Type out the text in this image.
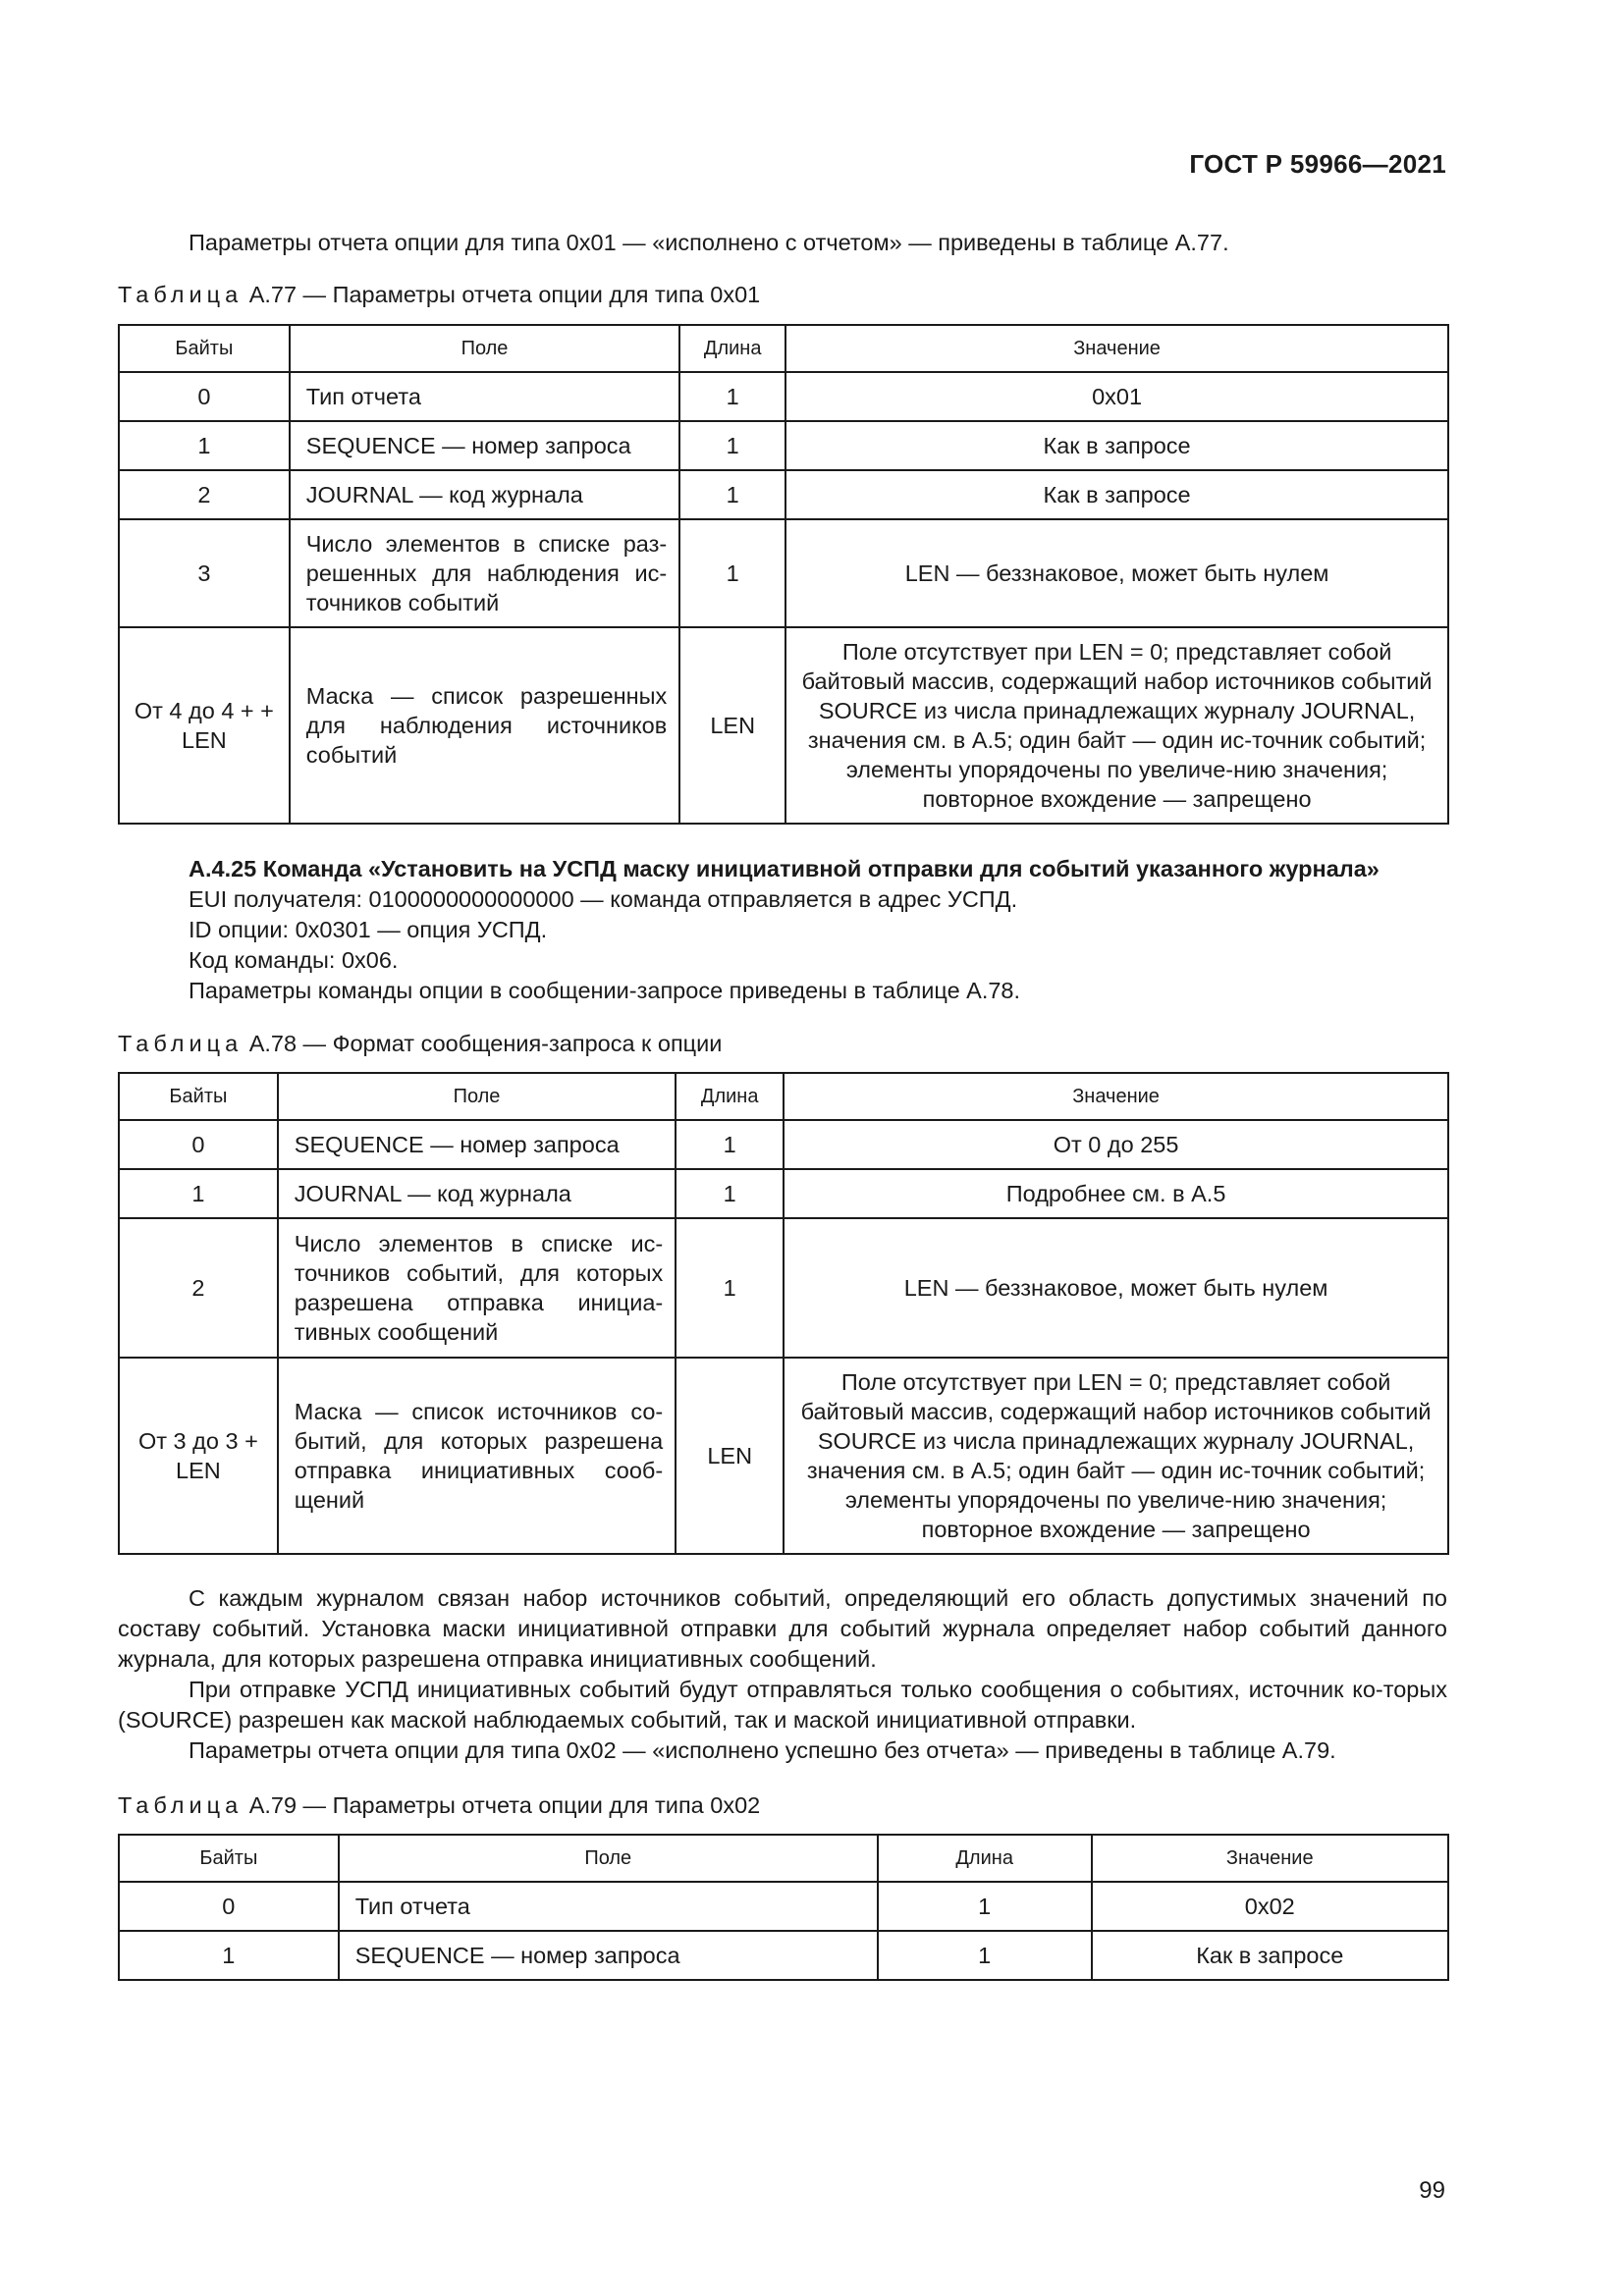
ГОСТ Р 59966—2021
Параметры отчета опции для типа 0x01 — «исполнено с отчетом» — приведены в таблице А.77.
Таблица А.77 — Параметры отчета опции для типа 0x01
Байты	Поле	Длина	Значение
0	Тип отчета	1	0x01
1	SEQUENCE — номер запроса	1	Как в запросе
2	JOURNAL — код журнала	1	Как в запросе
3	Число элементов в списке раз-решенных для наблюдения ис-точников событий	1	LEN — беззнаковое, может быть нулем
От 4 до 4 + + LEN	Маска — список разрешенных для наблюдения источников событий	LEN	Поле отсутствует при LEN = 0; представляет собой байтовый массив, содержащий набор источников событий SOURCE из числа принадлежащих журналу JOURNAL, значения см. в А.5; один байт — один ис-точник событий; элементы упорядочены по увеличе-нию значения; повторное вхождение — запрещено
А.4.25 Команда «Установить на УСПД маску инициативной отправки для событий указанного журнала»
EUI получателя: 0100000000000000 — команда отправляется в адрес УСПД.
ID опции: 0x0301 — опция УСПД.
Код команды: 0x06.
Параметры команды опции в сообщении-запросе приведены в таблице А.78.
Таблица А.78 — Формат сообщения-запроса к опции
Байты	Поле	Длина	Значение
0	SEQUENCE — номер запроса	1	От 0 до 255
1	JOURNAL — код журнала	1	Подробнее см. в А.5
2	Число элементов в списке ис-точников событий, для которых разрешена отправка инициа-тивных сообщений	1	LEN — беззнаковое, может быть нулем
От 3 до 3 + LEN	Маска — список источников со-бытий, для которых разрешена отправка инициативных сооб-щений	LEN	Поле отсутствует при LEN = 0; представляет собой байтовый массив, содержащий набор источников событий SOURCE из числа принадлежащих журналу JOURNAL, значения см. в А.5; один байт — один ис-точник событий; элементы упорядочены по увеличе-нию значения; повторное вхождение — запрещено
С каждым журналом связан набор источников событий, определяющий его область допустимых значений по составу событий. Установка маски инициативной отправки для событий журнала определяет набор событий данного журнала, для которых разрешена отправка инициативных сообщений.
При отправке УСПД инициативных событий будут отправляться только сообщения о событиях, источник ко-торых (SOURCE) разрешен как маской наблюдаемых событий, так и маской инициативной отправки.
Параметры отчета опции для типа 0x02 — «исполнено успешно без отчета» — приведены в таблице А.79.
Таблица А.79 — Параметры отчета опции для типа 0x02
Байты	Поле	Длина	Значение
0	Тип отчета	1	0x02
1	SEQUENCE — номер запроса	1	Как в запросе
99
